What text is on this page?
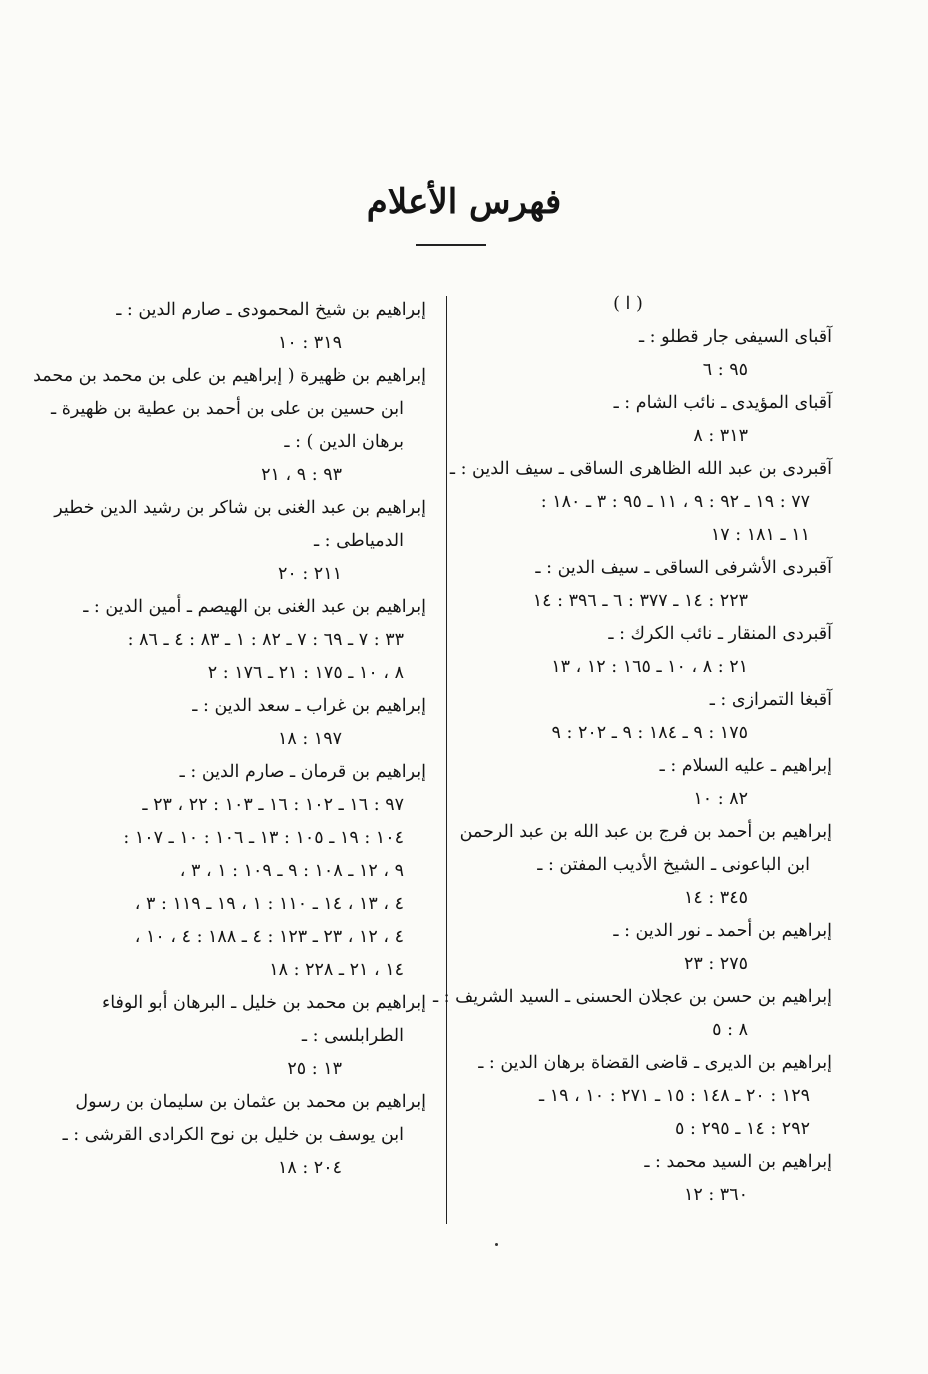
فهرس الأعلام
( ا )
آقباى السيفى جار قطلو : ـ
٩٥ : ٦
آقباى المؤيدى ـ نائب الشام : ـ
٣١٣ : ٨
آقبردى بن عبد الله الظاهرى الساقى ـ سيف الدين : ـ
٧٧ : ١٩ ـ ٩٢ : ٩ ، ١١ ـ ٩٥ : ٣ ـ ١٨٠ :
١١ ـ ١٨١ : ١٧
آقبردى الأشرفى الساقى ـ سيف الدين : ـ
٢٢٣ : ١٤ ـ ٣٧٧ : ٦ ـ ٣٩٦ : ١٤
آقبردى المنقار ـ نائب الكرك : ـ
٢١ : ٨ ، ١٠ ـ ١٦٥ : ١٢ ، ١٣
آقبغا التمرازى : ـ
١٧٥ : ٩ ـ ١٨٤ : ٩ ـ ٢٠٢ : ٩
إبراهيم ـ عليه السلام : ـ
٨٢ : ١٠
إبراهيم بن أحمد بن فرج بن عبد الله بن عبد الرحمن
ابن الباعونى ـ الشيخ الأديب المفتن : ـ
٣٤٥ : ١٤
إبراهيم بن أحمد ـ نور الدين : ـ
٢٧٥ : ٢٣
إبراهيم بن حسن بن عجلان الحسنى ـ السيد الشريف : ـ
٨ : ٥
إبراهيم بن الديرى ـ قاضى القضاة برهان الدين : ـ
١٢٩ : ٢٠ ـ ١٤٨ : ١٥ ـ ٢٧١ : ١٠ ، ١٩ ـ
٢٩٢ : ١٤ ـ ٢٩٥ : ٥
إبراهيم بن السيد محمد : ـ
٣٦٠ : ١٢
إبراهيم بن شيخ المحمودى ـ صارم الدين : ـ
٣١٩ : ١٠
إبراهيم بن ظهيرة ( إبراهيم بن على بن محمد بن محمد
ابن حسين بن على بن أحمد بن عطية بن ظهيرة ـ
برهان الدين ) : ـ
٩٣ : ٩ ، ٢١
إبراهيم بن عبد الغنى بن شاكر بن رشيد الدين خطير
الدمياطى : ـ
٢١١ : ٢٠
إبراهيم بن عبد الغنى بن الهيصم ـ أمين الدين : ـ
٣٣ : ٧ ـ ٦٩ : ٧ ـ ٨٢ : ١ ـ ٨٣ : ٤ ـ ٨٦ :
٨ ، ١٠ ـ ١٧٥ : ٢١ ـ ١٧٦ : ٢
إبراهيم بن غراب ـ سعد الدين : ـ
١٩٧ : ١٨
إبراهيم بن قرمان ـ صارم الدين : ـ
٩٧ : ١٦ ـ ١٠٢ : ١٦ ـ ١٠٣ : ٢٢ ، ٢٣ ـ
١٠٤ : ١٩ ـ ١٠٥ : ١٣ ـ ١٠٦ : ١٠ ـ ١٠٧ :
٩ ، ١٢ ـ ١٠٨ : ٩ ـ ١٠٩ : ١ ، ٣ ،
٤ ، ١٣ ، ١٤ ـ ١١٠ : ١ ، ١٩ ـ ١١٩ : ٣ ،
٤ ، ١٢ ، ٢٣ ـ ١٢٣ : ٤ ـ ١٨٨ : ٤ ، ١٠ ،
١٤ ، ٢١ ـ ٢٢٨ : ١٨
إبراهيم بن محمد بن خليل ـ البرهان أبو الوفاء
الطرابلسى : ـ
١٣ : ٢٥
إبراهيم بن محمد بن عثمان بن سليمان بن رسول
ابن يوسف بن خليل بن نوح الكرادى القرشى : ـ
٢٠٤ : ١٨
